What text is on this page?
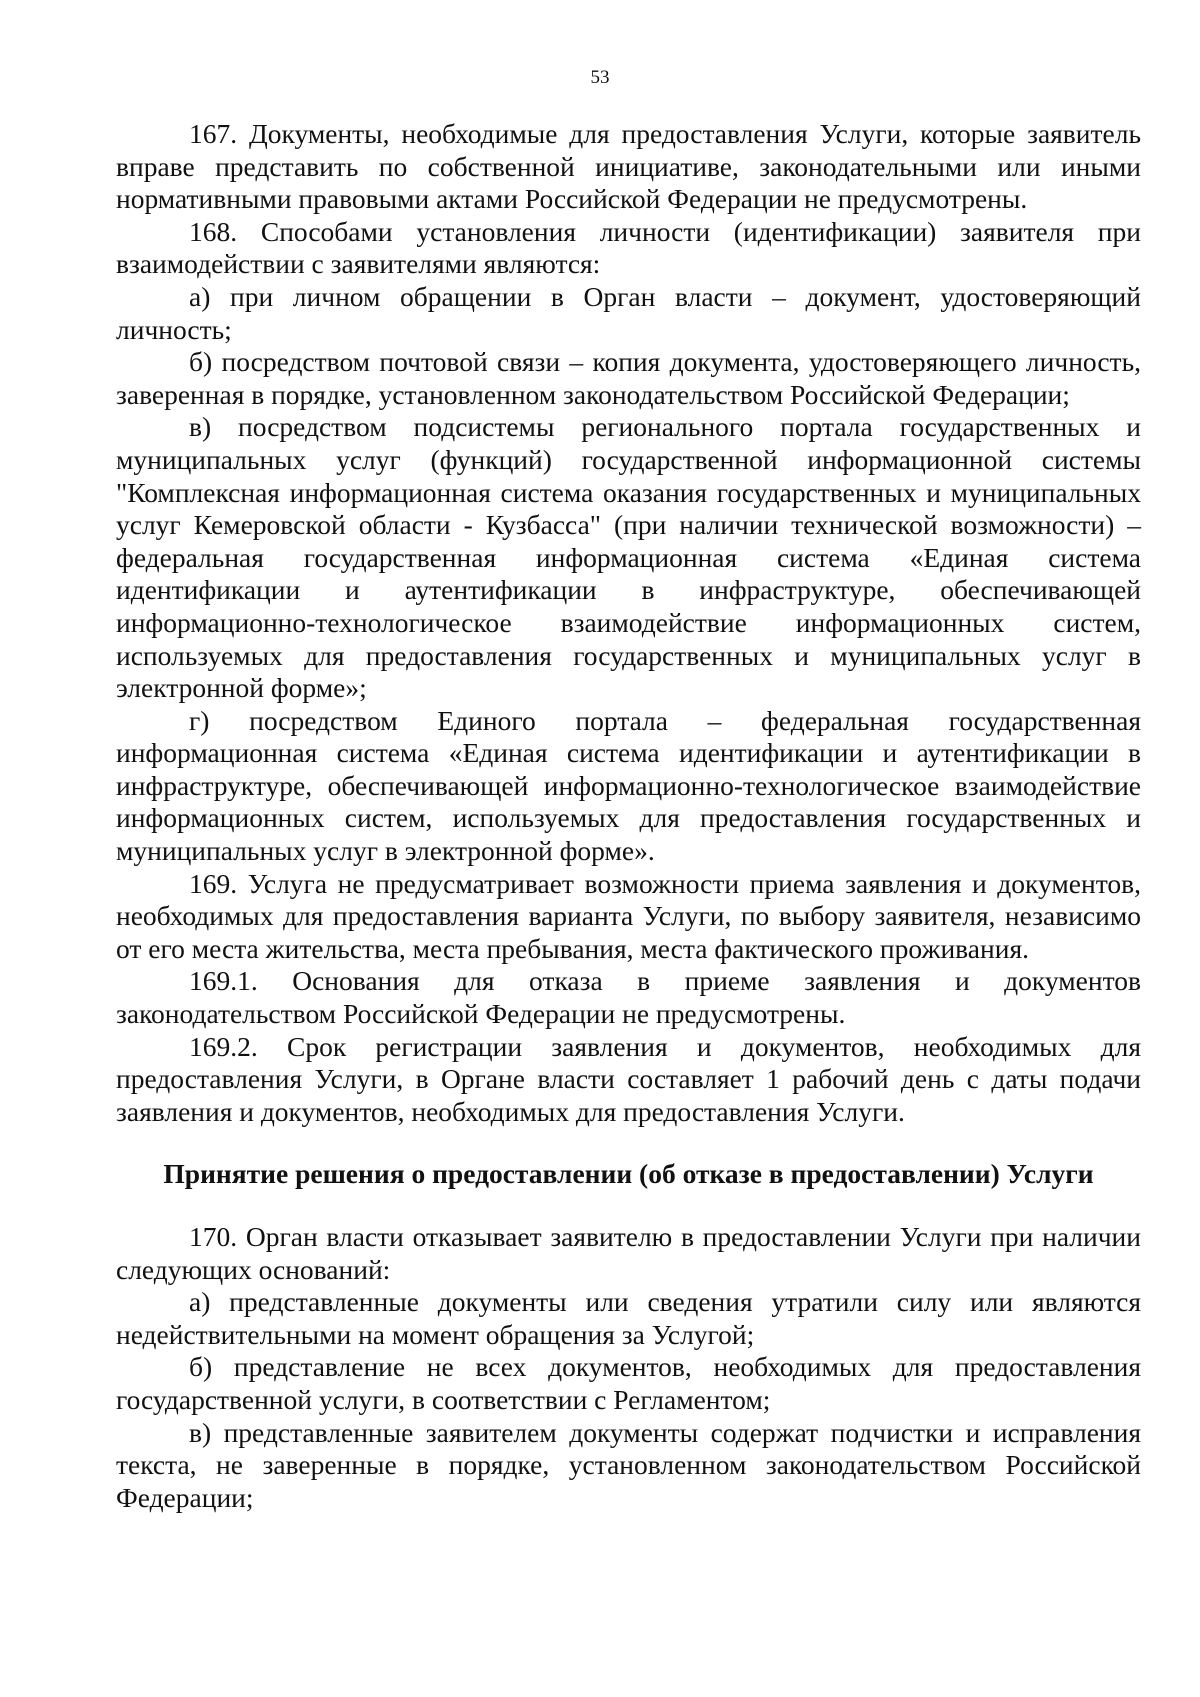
53

167. Документы, необходимые для предоставления Услуги, которые заявитель вправе представить по собственной инициативе, законодательными или иными нормативными правовыми актами Российской Федерации не предусмотрены.

168. Способами установления личности (идентификации) заявителя при взаимодействии с заявителями являются:

а) при личном обращении в Орган власти – документ, удостоверяющий личность;

б) посредством почтовой связи – копия документа, удостоверяющего личность, заверенная в порядке, установленном законодательством Российской Федерации;

в) посредством подсистемы регионального портала государственных и муниципальных услуг (функций) государственной информационной системы "Комплексная информационная система оказания государственных и муниципальных услуг Кемеровской области - Кузбасса" (при наличии технической возможности) – федеральная государственная информационная система «Единая система идентификации и аутентификации в инфраструктуре, обеспечивающей информационно-технологическое взаимодействие информационных систем, используемых для предоставления государственных и муниципальных услуг в электронной форме»;

г) посредством Единого портала – федеральная государственная информационная система «Единая система идентификации и аутентификации в инфраструктуре, обеспечивающей информационно-технологическое взаимодействие информационных систем, используемых для предоставления государственных и муниципальных услуг в электронной форме».

169. Услуга не предусматривает возможности приема заявления и документов, необходимых для предоставления варианта Услуги, по выбору заявителя, независимо от его места жительства, места пребывания, места фактического проживания.

169.1. Основания для отказа в приеме заявления и документов законодательством Российской Федерации не предусмотрены.

169.2. Срок регистрации заявления и документов, необходимых для предоставления Услуги, в Органе власти составляет 1 рабочий день с даты подачи заявления и документов, необходимых для предоставления Услуги.

Принятие решения о предоставлении (об отказе в предоставлении) Услуги

170. Орган власти отказывает заявителю в предоставлении Услуги при наличии следующих оснований:

а) представленные документы или сведения утратили силу или являются недействительными на момент обращения за Услугой;

б) представление не всех документов, необходимых для предоставления государственной услуги, в соответствии с Регламентом;

в) представленные заявителем документы содержат подчистки и исправления текста, не заверенные в порядке, установленном законодательством Российской Федерации;
